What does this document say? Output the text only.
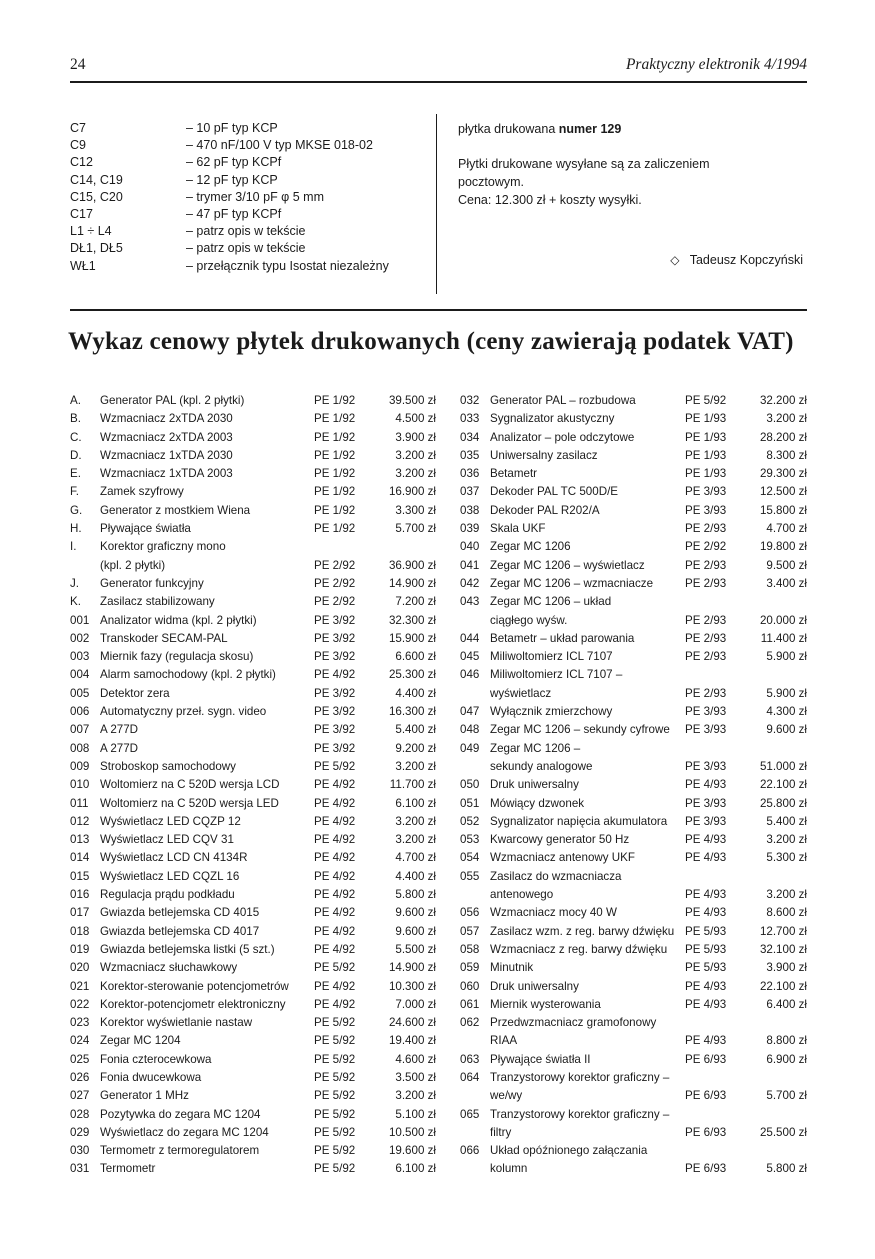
24	Praktyczny elektronik 4/1994
C7	– 10 pF typ KCP
C9	– 470 nF/100 V typ MKSE 018-02
C12	– 62 pF typ KCPf
C14, C19	– 12 pF typ KCP
C15, C20	– trymer 3/10 pF φ 5 mm
C17	– 47 pF typ KCPf
L1 ÷ L4	– patrz opis w tekście
DŁ1, DŁ5	– patrz opis w tekście
WŁ1	– przełącznik typu Isostat niezależny
płytka drukowana numer 129
Płytki drukowane wysyłane są za zaliczeniem
pocztowym.
Cena: 12.300 zł + koszty wysyłki.
◇ Tadeusz Kopczyński
Wykaz cenowy płytek drukowanych (ceny zawierają podatek VAT)
A.	Generator PAL (kpl. 2 płytki)	PE 1/92	39.500 zł
B.	Wzmacniacz 2xTDA 2030	PE 1/92	4.500 zł
C.	Wzmacniacz 2xTDA 2003	PE 1/92	3.900 zł
D.	Wzmacniacz 1xTDA 2030	PE 1/92	3.200 zł
E.	Wzmacniacz 1xTDA 2003	PE 1/92	3.200 zł
F.	Zamek szyfrowy	PE 1/92	16.900 zł
G.	Generator z mostkiem Wiena	PE 1/92	3.300 zł
H.	Pływające światła	PE 1/92	5.700 zł
I.	Korektor graficzny mono
(kpl. 2 płytki)	PE 2/92	36.900 zł
J.	Generator funkcyjny	PE 2/92	14.900 zł
K.	Zasilacz stabilizowany	PE 2/92	7.200 zł
001 Analizator widma (kpl. 2 płytki)	PE 3/92	32.300 zł
002 Transkoder SECAM-PAL	PE 3/92	15.900 zł
003 Miernik fazy (regulacja skosu)	PE 3/92	6.600 zł
004 Alarm samochodowy (kpl. 2 płytki)	PE 4/92	25.300 zł
005 Detektor zera	PE 3/92	4.400 zł
006 Automatyczny przeł. sygn. video	PE 3/92	16.300 zł
007 A 277D	PE 3/92	5.400 zł
008 A 277D	PE 3/92	9.200 zł
009 Stroboskop samochodowy	PE 5/92	3.200 zł
010 Woltomierz na C 520D wersja LCD	PE 4/92	11.700 zł
011 Woltomierz na C 520D wersja LED	PE 4/92	6.100 zł
012 Wyświetlacz LED CQZP 12	PE 4/92	3.200 zł
013 Wyświetlacz LED CQV 31	PE 4/92	3.200 zł
014 Wyświetlacz LCD CN 4134R	PE 4/92	4.700 zł
015 Wyświetlacz LED CQZL 16	PE 4/92	4.400 zł
016 Regulacja prądu podkładu	PE 4/92	5.800 zł
017 Gwiazda betlejemska CD 4015	PE 4/92	9.600 zł
018 Gwiazda betlejemska CD 4017	PE 4/92	9.600 zł
019 Gwiazda betlejemska listki (5 szt.)	PE 4/92	5.500 zł
020 Wzmacniacz słuchawkowy	PE 5/92	14.900 zł
021 Korektor-sterowanie potencjometrów	PE 4/92	10.300 zł
022 Korektor-potencjometr elektroniczny	PE 4/92	7.000 zł
023 Korektor wyświetlanie nastaw	PE 5/92	24.600 zł
024 Zegar MC 1204	PE 5/92	19.400 zł
025 Fonia czterocewkowa	PE 5/92	4.600 zł
026 Fonia dwucewkowa	PE 5/92	3.500 zł
027 Generator 1 MHz	PE 5/92	3.200 zł
028 Pozytywka do zegara MC 1204	PE 5/92	5.100 zł
029 Wyświetlacz do zegara MC 1204	PE 5/92	10.500 zł
030 Termometr z termoregulatorem	PE 5/92	19.600 zł
031 Termometr	PE 5/92	6.100 zł
032 Generator PAL – rozbudowa	PE 5/92	32.200 zł
033 Sygnalizator akustyczny	PE 1/93	3.200 zł
034 Analizator – pole odczytowe	PE 1/93	28.200 zł
035 Uniwersalny zasilacz	PE 1/93	8.300 zł
036 Betametr	PE 1/93	29.300 zł
037 Dekoder PAL TC 500D/E	PE 3/93	12.500 zł
038 Dekoder PAL R202/A	PE 3/93	15.800 zł
039 Skala UKF	PE 2/93	4.700 zł
040 Zegar MC 1206	PE 2/92	19.800 zł
041 Zegar MC 1206 – wyświetlacz	PE 2/93	9.500 zł
042 Zegar MC 1206 – wzmacniacze	PE 2/93	3.400 zł
043 Zegar MC 1206 – układ
ciągłego wyśw.	PE 2/93	20.000 zł
044 Betametr – układ parowania	PE 2/93	11.400 zł
045 Miliwoltomierz ICL 7107	PE 2/93	5.900 zł
046 Miliwoltomierz ICL 7107 –
wyświetlacz	PE 2/93	5.900 zł
047 Wyłącznik zmierzchowy	PE 3/93	4.300 zł
048 Zegar MC 1206 – sekundy cyfrowe	PE 3/93	9.600 zł
049 Zegar MC 1206 –
sekundy analogowe	PE 3/93	51.000 zł
050 Druk uniwersalny	PE 4/93	22.100 zł
051 Mówiący dzwonek	PE 3/93	25.800 zł
052 Sygnalizator napięcia akumulatora	PE 3/93	5.400 zł
053 Kwarcowy generator 50 Hz	PE 4/93	3.200 zł
054 Wzmacniacz antenowy UKF	PE 4/93	5.300 zł
055 Zasilacz do wzmacniacza
antenowego	PE 4/93	3.200 zł
056 Wzmacniacz mocy 40 W	PE 4/93	8.600 zł
057 Zasilacz wzm. z reg. barwy dźwięku PE 5/93	12.700 zł
058 Wzmacniacz z reg. barwy dźwięku	PE 5/93	32.100 zł
059 Minutnik	PE 5/93	3.900 zł
060 Druk uniwersalny	PE 4/93	22.100 zł
061 Miernik wysterowania	PE 4/93	6.400 zł
062 Przedwzmacniacz gramofonowy
RIAA	PE 4/93	8.800 zł
063 Pływające światła II	PE 6/93	6.900 zł
064 Tranzystorowy korektor graficzny –
we/wy	PE 6/93	5.700 zł
065 Tranzystorowy korektor graficzny –
filtry	PE 6/93	25.500 zł
066 Układ opóźnionego załączania
kolumn	PE 6/93	5.800 zł
